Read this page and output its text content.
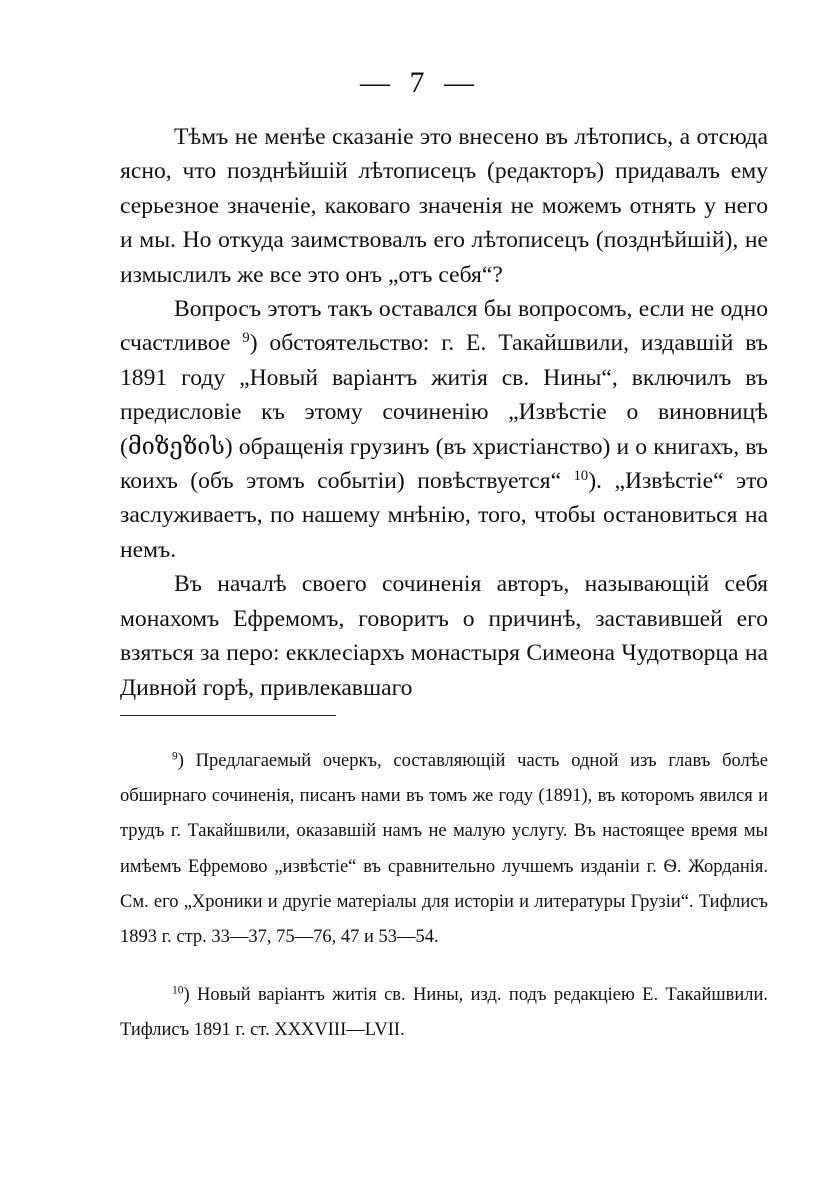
— 7 —

Тѣмъ не менѣе сказаніе это внесено въ лѣтопись, а отсюда ясно, что позднѣйшій лѣтописецъ (редакторъ) придавалъ ему серьезное значеніе, каковаго значенія не можемъ отнять у него и мы. Но откуда заимствовалъ его лѣтописецъ (позднѣйшій), не измыслилъ же все это онъ „отъ себя“?

Вопросъ этотъ такъ оставался бы вопросомъ, если не одно счастливое $^9$) обстоятельство: г. Е. Такайшвили, издавшій въ 1891 году „Новый варіантъ житія св. Нины“, включилъ въ предисловіе къ этому сочиненію „Извѣстіе о виновницѣ (მიზეზის) обращенія грузинъ (въ христіанство) и о книгахъ, въ коихъ (объ этомъ событіи) повѣствуется“ $^{10}$). „Извѣстіе“ это заслуживаетъ, по нашему мнѣнію, того, чтобы остановиться на немъ.

Въ началѣ своего сочиненія авторъ, называющій себя монахомъ Ефремомъ, говоритъ о причинѣ, заставившей его взяться за перо: екклесіархъ монастыря Симеона Чудотворца на Дивной горѣ, привлекавшаго

$^9$) Предлагаемый очеркъ, составляющій часть одной изъ главъ болѣе обширнаго сочиненія, писанъ нами въ томъ же году (1891), въ которомъ явился и трудъ г. Такайшвили, оказавшій намъ не малую услугу. Въ настоящее время мы имѣемъ Ефремово „извѣстіе“ въ сравнительно лучшемъ изданіи г. Ѳ. Жорданія. См. его „Хроники и другіе матеріалы для исторіи и литературы Грузіи“. Тифлисъ 1893 г. стр. 33—37, 75—76, 47 и 53—54.

$^{10}$) Новый варіантъ житія св. Нины, изд. подъ редакціею Е. Такайшвили. Тифлисъ 1891 г. ст. XXXVIII—LVII.
